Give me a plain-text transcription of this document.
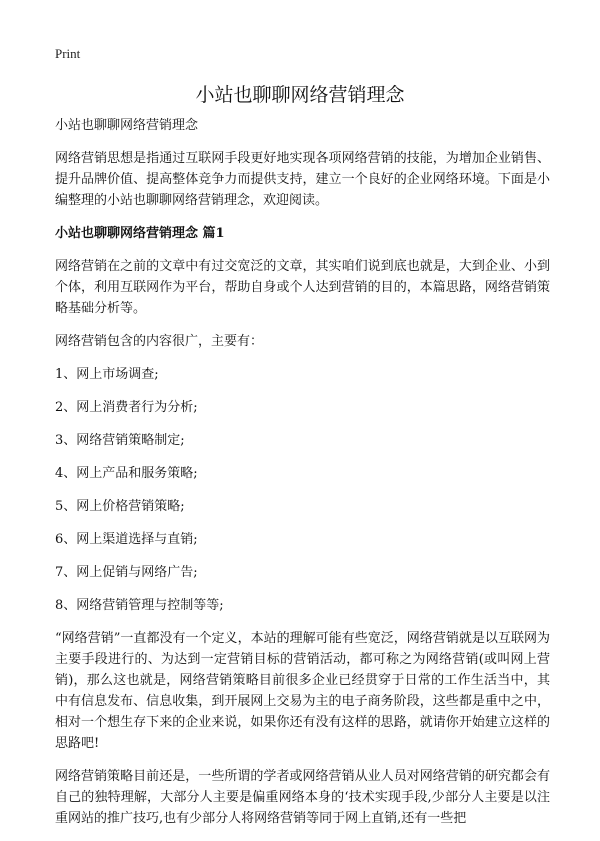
Print
小站也聊聊网络营销理念

小站也聊聊网络营销理念

网络营销思想是指通过互联网手段更好地实现各项网络营销的技能，为增加企业销售、提升品牌价值、提高整体竞争力而提供支持，建立一个良好的企业网络环境。下面是小编整理的小站也聊聊网络营销理念，欢迎阅读。

小站也聊聊网络营销理念 篇1

网络营销在之前的文章中有过交宽泛的文章，其实咱们说到底也就是，大到企业、小到个体，利用互联网作为平台，帮助自身或个人达到营销的目的，本篇思路，网络营销策略基础分析等。

网络营销包含的内容很广，主要有：

1、网上市场调查;
2、网上消费者行为分析;
3、网络营销策略制定;
4、网上产品和服务策略;
5、网上价格营销策略;
6、网上渠道选择与直销;
7、网上促销与网络广告;
8、网络营销管理与控制等等;

“网络营销”一直都没有一个定义，本站的理解可能有些宽泛，网络营销就是以互联网为主要手段进行的、为达到一定营销目标的营销活动，都可称之为网络营销(或叫网上营销)，那么这也就是，网络营销策略目前很多企业已经贯穿于日常的工作生活当中，其中有信息发布、信息收集，到开展网上交易为主的电子商务阶段，这些都是重中之中，相对一个想生存下来的企业来说，如果你还有没有这样的思路，就请你开始建立这样的思路吧!

网络营销策略目前还是，一些所谓的学者或网络营销从业人员对网络营销的研究都会有自己的独特理解，大部分人主要是偏重网络本身的‘技术实现手段,少部分人主要是以注重网站的推广技巧,也有少部分人将网络营销等同于网上直销,还有一些把
